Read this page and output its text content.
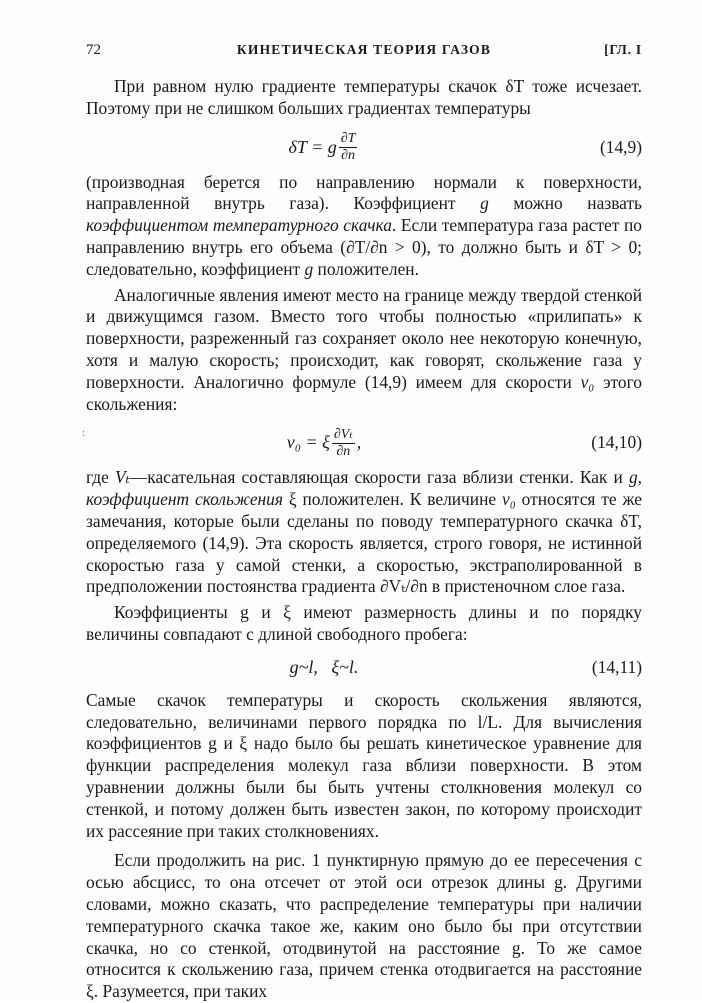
72	КИНЕТИЧЕСКАЯ ТЕОРИЯ ГАЗОВ	[ГЛ. I
:

При равном нулю градиенте температуры скачок δT тоже исчезает. Поэтому при не слишком больших градиентах температуры

δT = g $\frac{\partial T}{\partial n}$	(14,9)

(производная берется по направлению нормали к поверхности, направленной внутрь газа). Коэффициент g можно назвать коэффициентом температурного скачка. Если температура газа растет по направлению внутрь его объема (∂T/∂n > 0), то должно быть и δT > 0; следовательно, коэффициент g положителен.

Аналогичные явления имеют место на границе между твердой стенкой и движущимся газом. Вместо того чтобы полностью «прилипать» к поверхности, разреженный газ сохраняет около нее некоторую конечную, хотя и малую скорость; происходит, как говорят, скольжение газа у поверхности. Аналогично формуле (14,9) имеем для скорости v₀ этого скольжения:

v₀ = ξ $\frac{\text{∂Vₜ}}{\partial n}$ ,	(14,10)

где Vₜ—касательная составляющая скорости газа вблизи стенки. Как и g, коэффициент скольжения ξ положителен. К величине v₀ относятся те же замечания, которые были сделаны по поводу температурного скачка δT, определяемого (14,9). Эта скорость является, строго говоря, не истинной скоростью газа у самой стенки, а скоростью, экстраполированной в предположении постоянства градиента ∂Vₜ/∂n в пристеночном слое газа.

Коэффициенты g и ξ имеют размерность длины и по порядку величины совпадают с длиной свободного пробега:

g~l,   ξ~l.	(14,11)

Самые скачок температуры и скорость скольжения являются, следовательно, величинами первого порядка по l/L. Для вычисления коэффициентов g и ξ надо было бы решать кинетическое уравнение для функции распределения молекул газа вблизи поверхности. В этом уравнении должны были бы быть учтены столкновения молекул со стенкой, и потому должен быть известен закон, по которому происходит их рассеяние при таких столкновениях.

Если продолжить на рис. 1 пунктирную прямую до ее пересечения с осью абсцисс, то она отсечет от этой оси отрезок длины g. Другими словами, можно сказать, что распределение температуры при наличии температурного скачка такое же, каким оно было бы при отсутствии скачка, но со стенкой, отодвинутой на расстояние g. То же самое относится к скольжению газа, причем стенка отодвигается на расстояние ξ. Разумеется, при таких
